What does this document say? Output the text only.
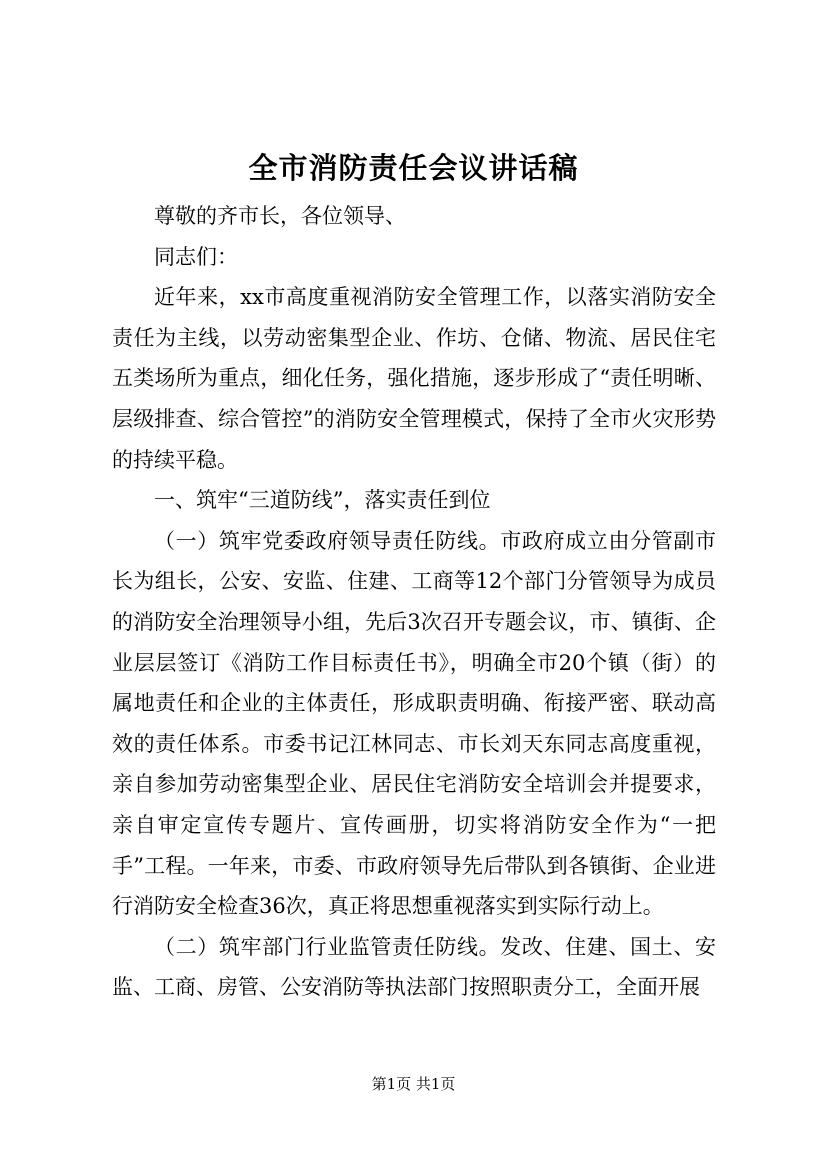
全市消防责任会议讲话稿

尊敬的齐市长，各位领导、

同志们：

近年来，xx市高度重视消防安全管理工作，以落实消防安全责任为主线，以劳动密集型企业、作坊、仓储、物流、居民住宅五类场所为重点，细化任务，强化措施，逐步形成了“责任明晰、层级排查、综合管控”的消防安全管理模式，保持了全市火灾形势的持续平稳。

一、筑牢“三道防线”，落实责任到位

（一）筑牢党委政府领导责任防线。市政府成立由分管副市长为组长，公安、安监、住建、工商等12个部门分管领导为成员的消防安全治理领导小组，先后3次召开专题会议，市、镇街、企业层层签订《消防工作目标责任书》，明确全市20个镇（街）的属地责任和企业的主体责任，形成职责明确、衔接严密、联动高效的责任体系。市委书记江林同志、市长刘天东同志高度重视，亲自参加劳动密集型企业、居民住宅消防安全培训会并提要求，亲自审定宣传专题片、宣传画册，切实将消防安全作为“一把手”工程。一年来，市委、市政府领导先后带队到各镇街、企业进行消防安全检查36次，真正将思想重视落实到实际行动上。

（二）筑牢部门行业监管责任防线。发改、住建、国土、安监、工商、房管、公安消防等执法部门按照职责分工，全面开展

第1页 共1页
